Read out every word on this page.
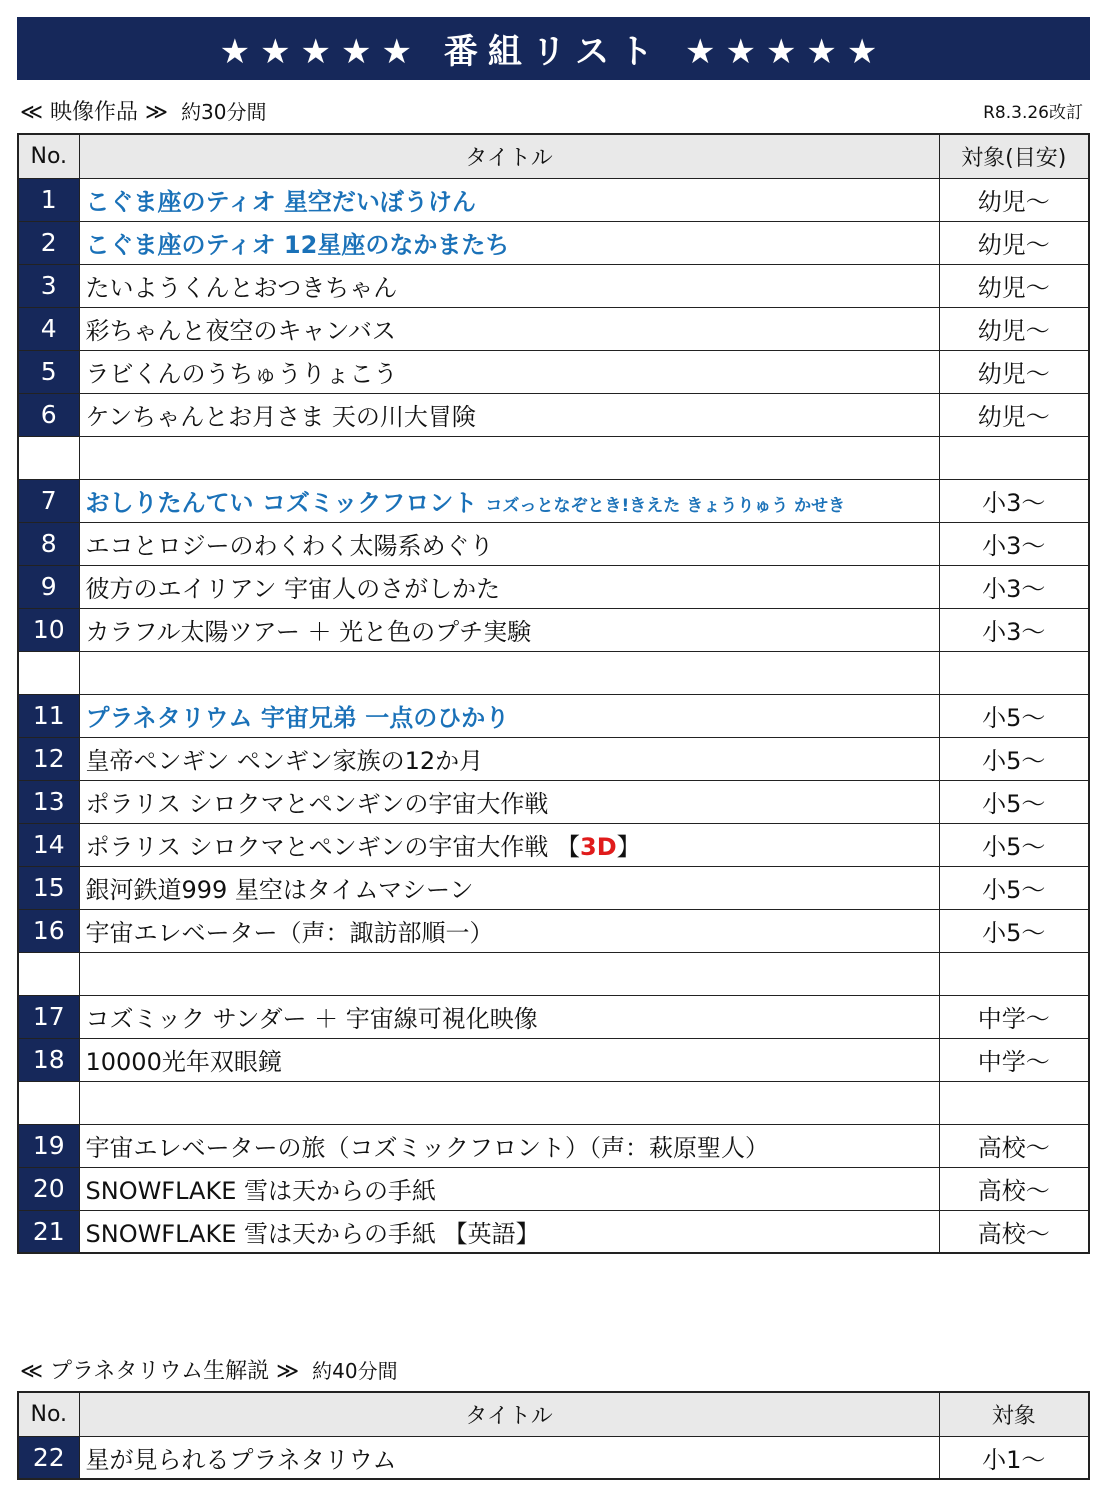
★★★★★ 番組リスト ★★★★★
≪ 映像作品 ≫ 約30分間	R8.3.26改訂
No.	タイトル	対象(目安)
1	こぐま座のティオ 星空だいぼうけん	幼児～
2	こぐま座のティオ 12星座のなかまたち	幼児～
3	たいようくんとおつきちゃん	幼児～
4	彩ちゃんと夜空のキャンバス	幼児～
5	ラビくんのうちゅうりょこう	幼児～
6	ケンちゃんとお月さま 天の川大冒険	幼児～

7	おしりたんてい コズミックフロント コズっとなぞとき!きえた きょうりゅう かせき	小3～
8	エコとロジーのわくわく太陽系めぐり	小3～
9	彼方のエイリアン 宇宙人のさがしかた	小3～
10	カラフル太陽ツアー ＋ 光と色のプチ実験	小3～

11	プラネタリウム 宇宙兄弟 一点のひかり	小5～
12	皇帝ペンギン ペンギン家族の12か月	小5～
13	ポラリス シロクマとペンギンの宇宙大作戦	小5～
14	ポラリス シロクマとペンギンの宇宙大作戦 【3D】	小5～
15	銀河鉄道999 星空はタイムマシーン	小5～
16	宇宙エレベーター（声：諏訪部順一）	小5～

17	コズミック サンダー ＋ 宇宙線可視化映像	中学～
18	10000光年双眼鏡	中学～

19	宇宙エレベーターの旅（コズミックフロント）（声：萩原聖人）	高校～
20	SNOWFLAKE 雪は天からの手紙	高校～
21	SNOWFLAKE 雪は天からの手紙 【英語】	高校～
≪ プラネタリウム生解説 ≫ 約40分間
No.	タイトル	対象
22	星が見られるプラネタリウム	小1～
